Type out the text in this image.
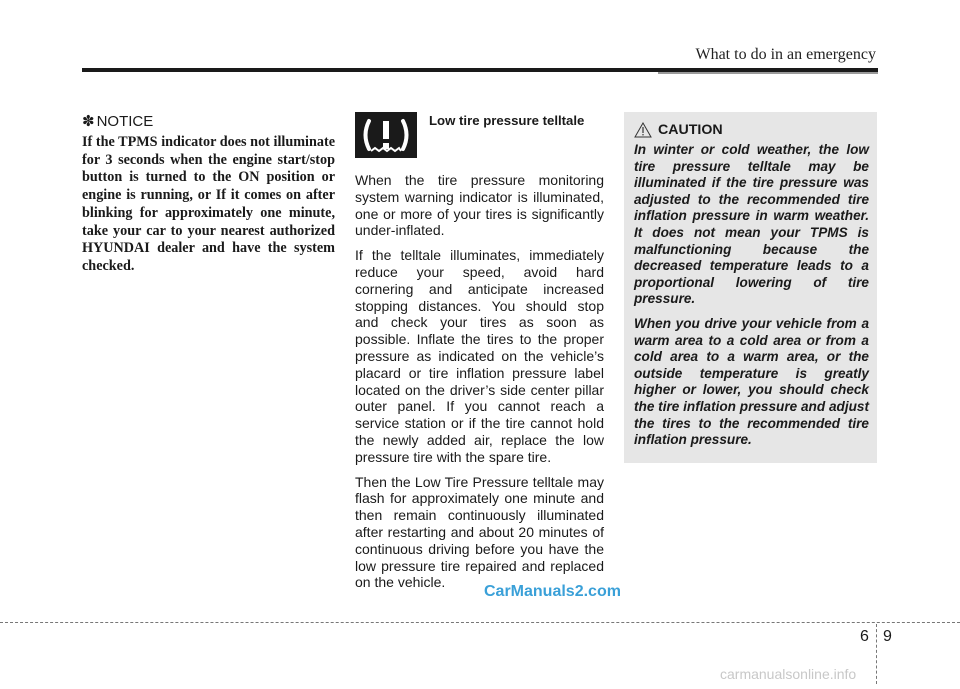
What to do in an emergency
✽ NOTICE

If the TPMS indicator does not illuminate for 3 seconds when the engine start/stop button is turned to the ON position or engine is running, or If it comes on after blinking for approximately one minute, take your car to your nearest authorized HYUNDAI dealer and have the system checked.

Low tire pressure telltale

When the tire pressure monitoring system warning indicator is illuminated, one or more of your tires is significantly under-inflated.

If the telltale illuminates, immediately reduce your speed, avoid hard cornering and anticipate increased stopping distances. You should stop and check your tires as soon as possible. Inflate the tires to the proper pressure as indicated on the vehicle’s placard or tire inflation pressure label located on the driver’s side center pillar outer panel. If you cannot reach a service station or if the tire cannot hold the newly added air, replace the low pressure tire with the spare tire.

Then the Low Tire Pressure telltale may flash for approximately one minute and then remain continuously illuminated after restarting and about 20 minutes of continuous driving before you have the low pressure tire repaired and replaced on the vehicle.

CAUTION

In winter or cold weather, the low tire pressure telltale may be illuminated if the tire pressure was adjusted to the recommended tire inflation pressure in warm weather. It does not mean your TPMS is malfunctioning because the decreased temperature leads to a proportional lowering of tire pressure.

When you drive your vehicle from a warm area to a cold area or from a cold area to a warm area, or the outside temperature is greatly higher or lower, you should check the tire inflation pressure and adjust the tires to the recommended tire inflation pressure.

CarManuals2.com
6 9
carmanualsonline.info
